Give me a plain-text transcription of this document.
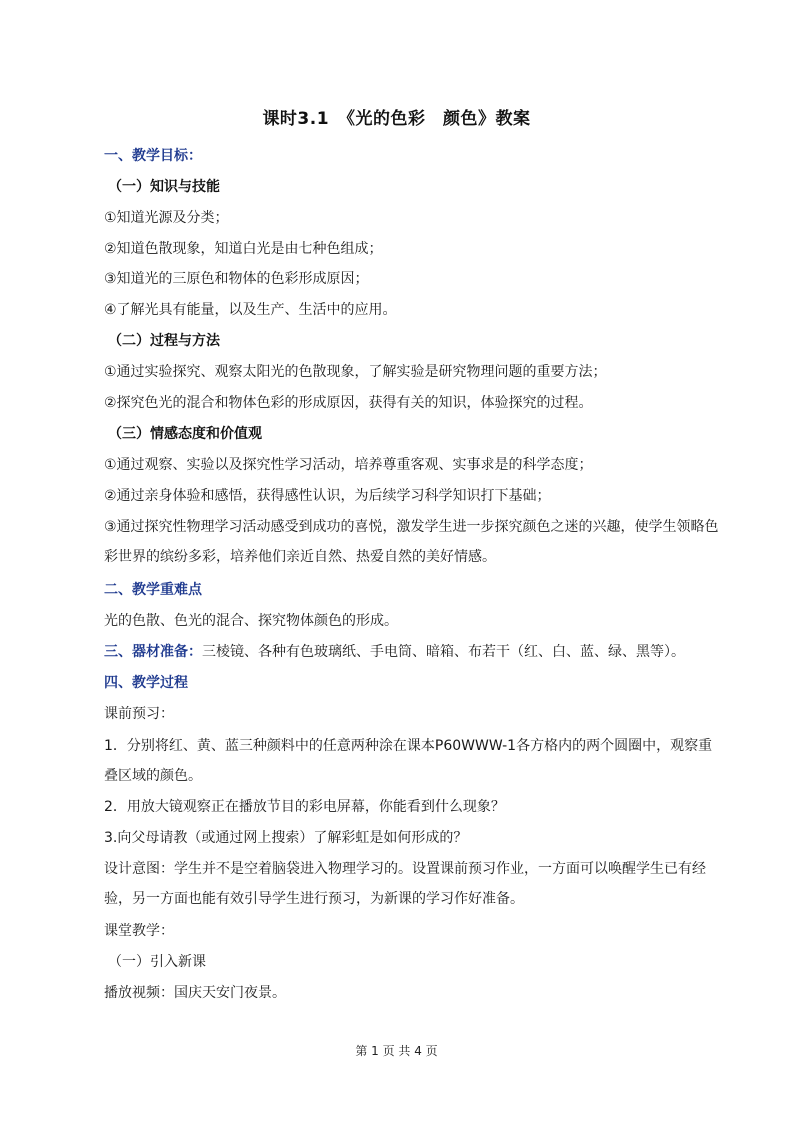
课时3.1　《光的色彩　颜色》教案
一、教学目标：
（一）知识与技能
①知道光源及分类；
②知道色散现象，知道白光是由七种色组成；
③知道光的三原色和物体的色彩形成原因；
④了解光具有能量，以及生产、生活中的应用。
（二）过程与方法
①通过实验探究、观察太阳光的色散现象，了解实验是研究物理问题的重要方法；
②探究色光的混合和物体色彩的形成原因，获得有关的知识，体验探究的过程。
（三）情感态度和价值观
①通过观察、实验以及探究性学习活动，培养尊重客观、实事求是的科学态度；
②通过亲身体验和感悟，获得感性认识，为后续学习科学知识打下基础；
③通过探究性物理学习活动感受到成功的喜悦，激发学生进一步探究颜色之迷的兴趣，使学生领略色彩世界的缤纷多彩，培养他们亲近自然、热爱自然的美好情感。
二、教学重难点
光的色散、色光的混合、探究物体颜色的形成。
三、器材准备：三棱镜、各种有色玻璃纸、手电筒、暗箱、布若干（红、白、蓝、绿、黑等）。
四、教学过程
课前预习：
1．分别将红、黄、蓝三种颜料中的任意两种涂在课本P60WWW-1各方格内的两个圆圈中，观察重叠区域的颜色。
2．用放大镜观察正在播放节目的彩电屏幕，你能看到什么现象？
3.向父母请教（或通过网上搜索）了解彩虹是如何形成的？
设计意图：学生并不是空着脑袋进入物理学习的。设置课前预习作业，一方面可以唤醒学生已有经验，另一方面也能有效引导学生进行预习，为新课的学习作好准备。
课堂教学：
（一）引入新课
播放视频：国庆天安门夜景。
第 1 页 共 4 页
